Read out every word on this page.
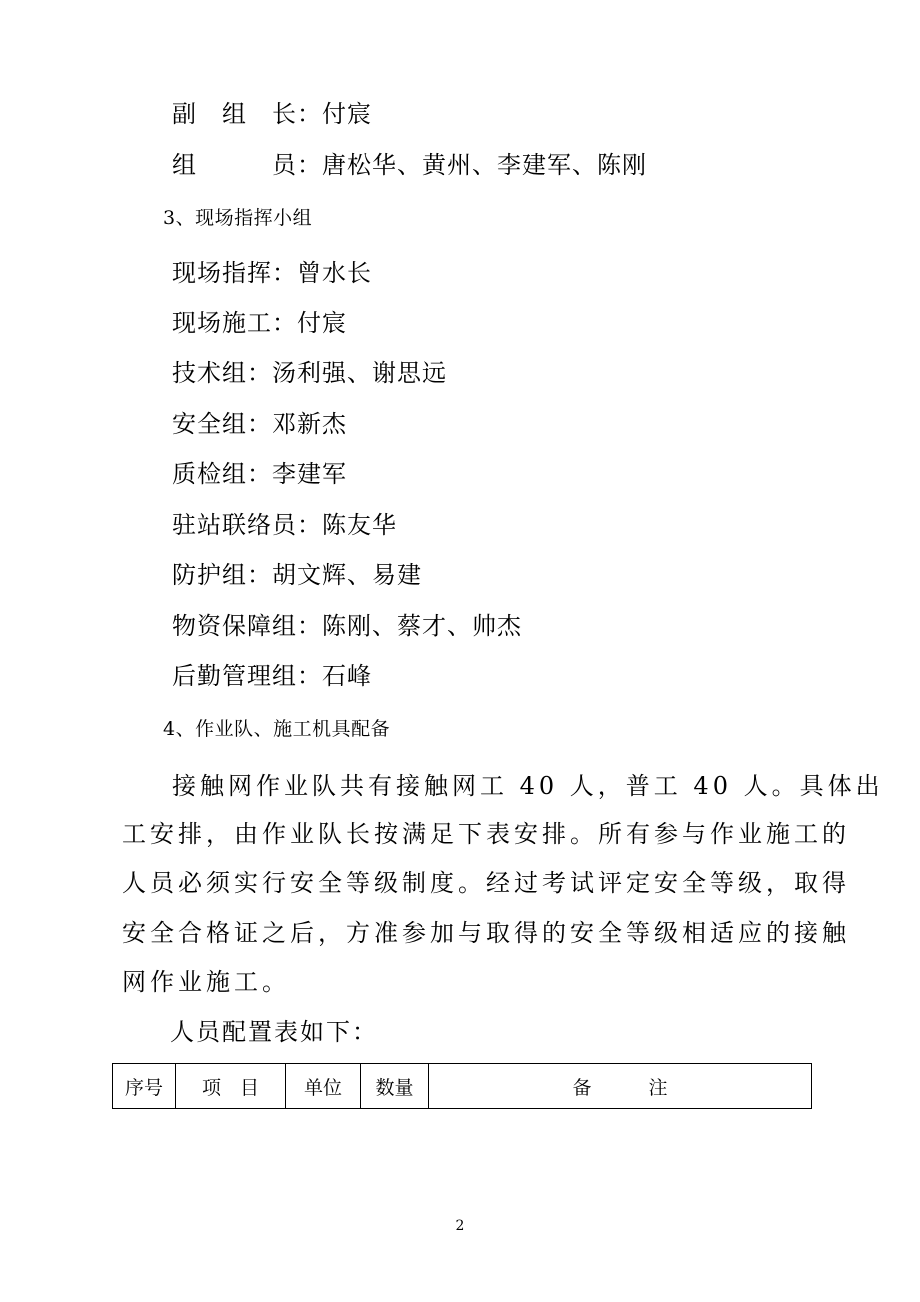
副　组　长：付宸
组　　　员：唐松华、黄州、李建军、陈刚
3、现场指挥小组
现场指挥：曾水长
现场施工：付宸
技术组：汤利强、谢思远
安全组：邓新杰
质检组：李建军
驻站联络员：陈友华
防护组：胡文辉、易建
物资保障组：陈刚、蔡才、帅杰
后勤管理组：石峰
4、作业队、施工机具配备
接触网作业队共有接触网工 40 人，普工 40 人。具体出
工安排，由作业队长按满足下表安排。所有参与作业施工的
人员必须实行安全等级制度。经过考试评定安全等级，取得
安全合格证之后，方准参加与取得的安全等级相适应的接触
网作业施工。
人员配置表如下：
序号	项　目	单位	数量	备　　　注
2
